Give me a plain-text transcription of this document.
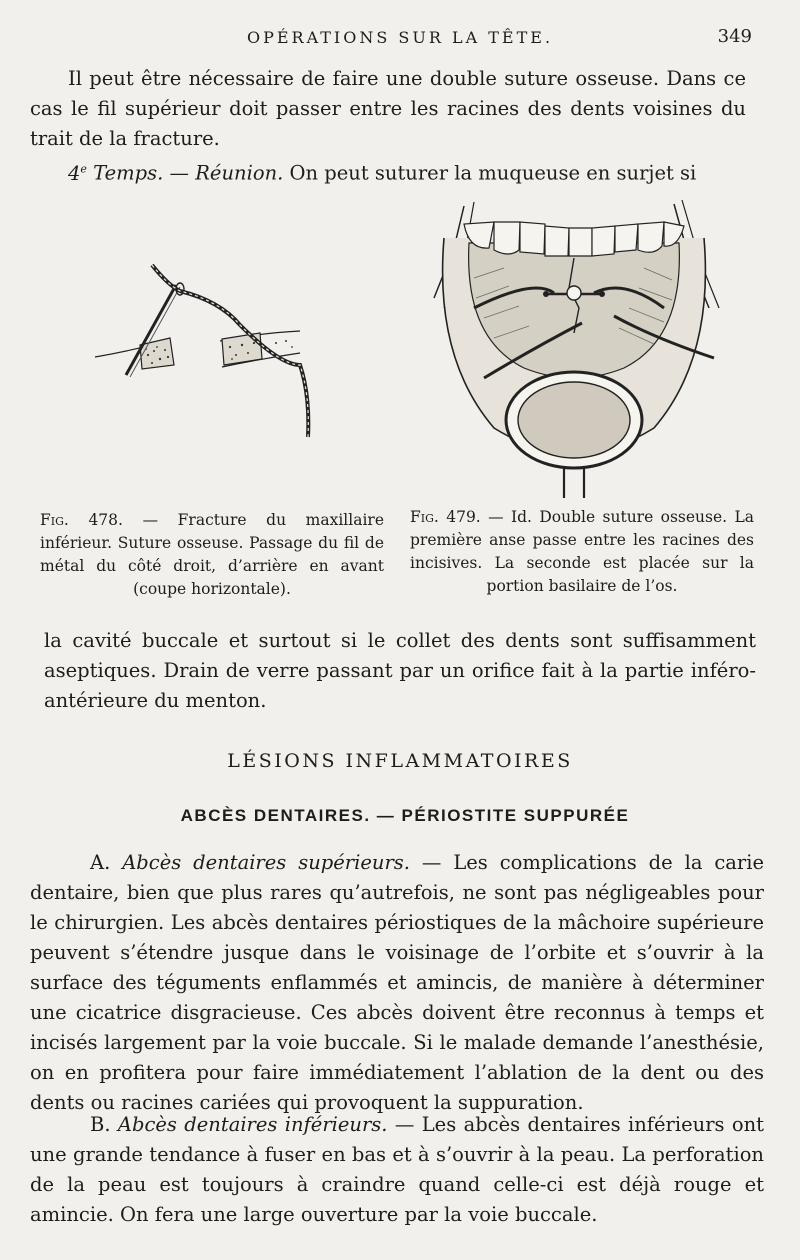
OPÉRATIONS SUR LA TÊTE.	349
Il peut être nécessaire de faire une double suture osseuse. Dans ce cas le fil supérieur doit passer entre les racines des dents voisines du trait de la fracture.
4e Temps. — Réunion. On peut suturer la muqueuse en surjet si
Fig. 478. — Fracture du maxillaire inférieur. Suture osseuse. Passage du fil de métal du côté droit, d’arrière en avant (coupe horizontale).
Fig. 479. — Id. Double suture osseuse. La première anse passe entre les racines des incisives. La seconde est placée sur la portion basilaire de l’os.
la cavité buccale et surtout si le collet des dents sont suffisamment aseptiques. Drain de verre passant par un orifice fait à la partie inféro-antérieure du menton.
LÉSIONS INFLAMMATOIRES
ABCÈS DENTAIRES. — PÉRIOSTITE SUPPURÉE
A. Abcès dentaires supérieurs. — Les complications de la carie dentaire, bien que plus rares qu’autrefois, ne sont pas négligeables pour le chirurgien. Les abcès dentaires périostiques de la mâchoire supérieure peuvent s’étendre jusque dans le voisinage de l’orbite et s’ouvrir à la surface des téguments enflammés et amincis, de manière à déterminer une cicatrice disgracieuse. Ces abcès doivent être reconnus à temps et incisés largement par la voie buccale. Si le malade demande l’anesthésie, on en profitera pour faire immédiatement l’ablation de la dent ou des dents ou racines cariées qui provoquent la suppuration.
B. Abcès dentaires inférieurs. — Les abcès dentaires inférieurs ont une grande tendance à fuser en bas et à s’ouvrir à la peau. La perforation de la peau est toujours à craindre quand celle-ci est déjà rouge et amincie. On fera une large ouverture par la voie buccale.
